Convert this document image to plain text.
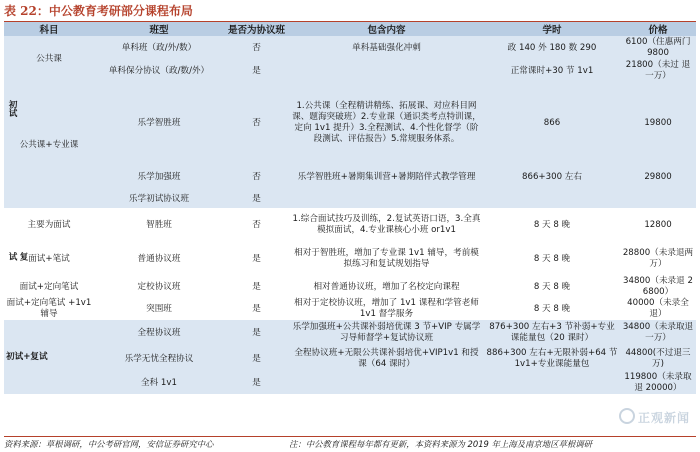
表 22：中公教育考研部分课程布局
科目	班型	是否为协议班	包含内容	学时	价格
公共课	单科班（政/外/数）	否	单科基础强化冲刺	政 140 外 180 数 290	6100（住惠两门 9800
	单科保分协议（政/数/外）	是		正常课时+30 节 1v1	21800（未过 退一万）

初试
公共课+专业课	乐学智胜班	否	1.公共课（全程精讲精练、拓展课、对应科目网课、题海突破班）2.专业课（通识类考点特训课，定向 1v1 提升）3.全程测试、4.个性化督学（阶段测试、评估报告）5.常规服务体系。	866	19800
	乐学加强班	否	乐学智胜班+暑期集训营+暑期陪伴式教学管理	866+300 左右	29800
	乐学初试协议班	是			
主要为面试	智胜班	否	1.综合面试技巧及训练，2.复试英语口语，3.全真模拟面试，4.专业课核心小班 or1v1	8 天 8 晚	12800

复试 面试+笔试	普通协议班	是	相对于智胜班，增加了专业课 1v1 辅导，考前模拟练习和复试规划指导	8 天 8 晚	28800（未录退两万）
面试+定向笔试	定校协议班	是	相对普通协议班，增加了名校定向课程	8 天 8 晚	34800（未录退 26800）
面试+定向笔试 +1v1 辅导	突围班	是	相对于定校协议班，增加了 1v1 课程和学管老师 1v1 督学服务	8 天 8 晚	40000（未录全退）
初试+复试	全程协议班	是	乐学加强班+公共课补弱培优课 3 节+VIP 专属学习导师督学+复试协议班	876+300 左右+3 节补弱+专业课能量包（20 课时）	34800（未录取退一万）
	乐学无忧全程协议	是	全程协议班+无限公共课补弱培优+VIP1v1 和授课（64 课时）	886+300 左右+无限补弱+64 节 1v1+专业课能量包	44800(不过退三万)
	全科 1v1	是			119800（未录取退 20000）
正观新闻
资料来源：草根调研，中公考研官网，安信证券研究中心	注：中公教育课程每年都有更新，本资料来源为 2019 年上海及南京地区草根调研
